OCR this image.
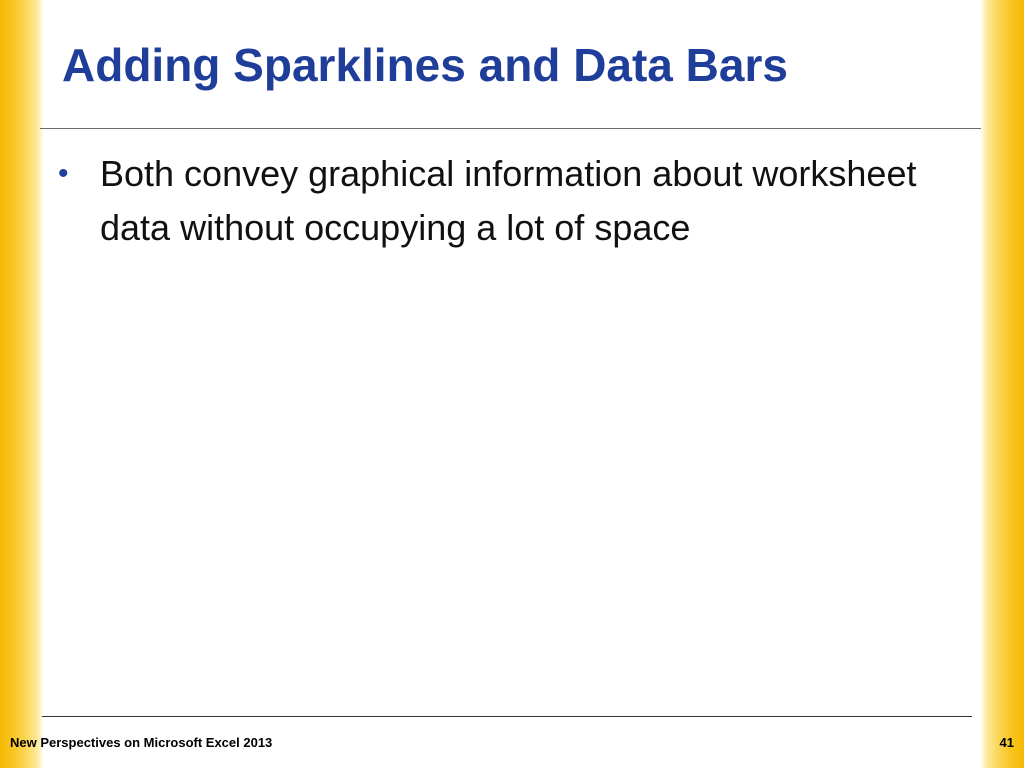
Adding Sparklines and Data Bars
• Both convey graphical information about worksheet data without occupying a lot of space
New Perspectives on Microsoft Excel 2013	41
